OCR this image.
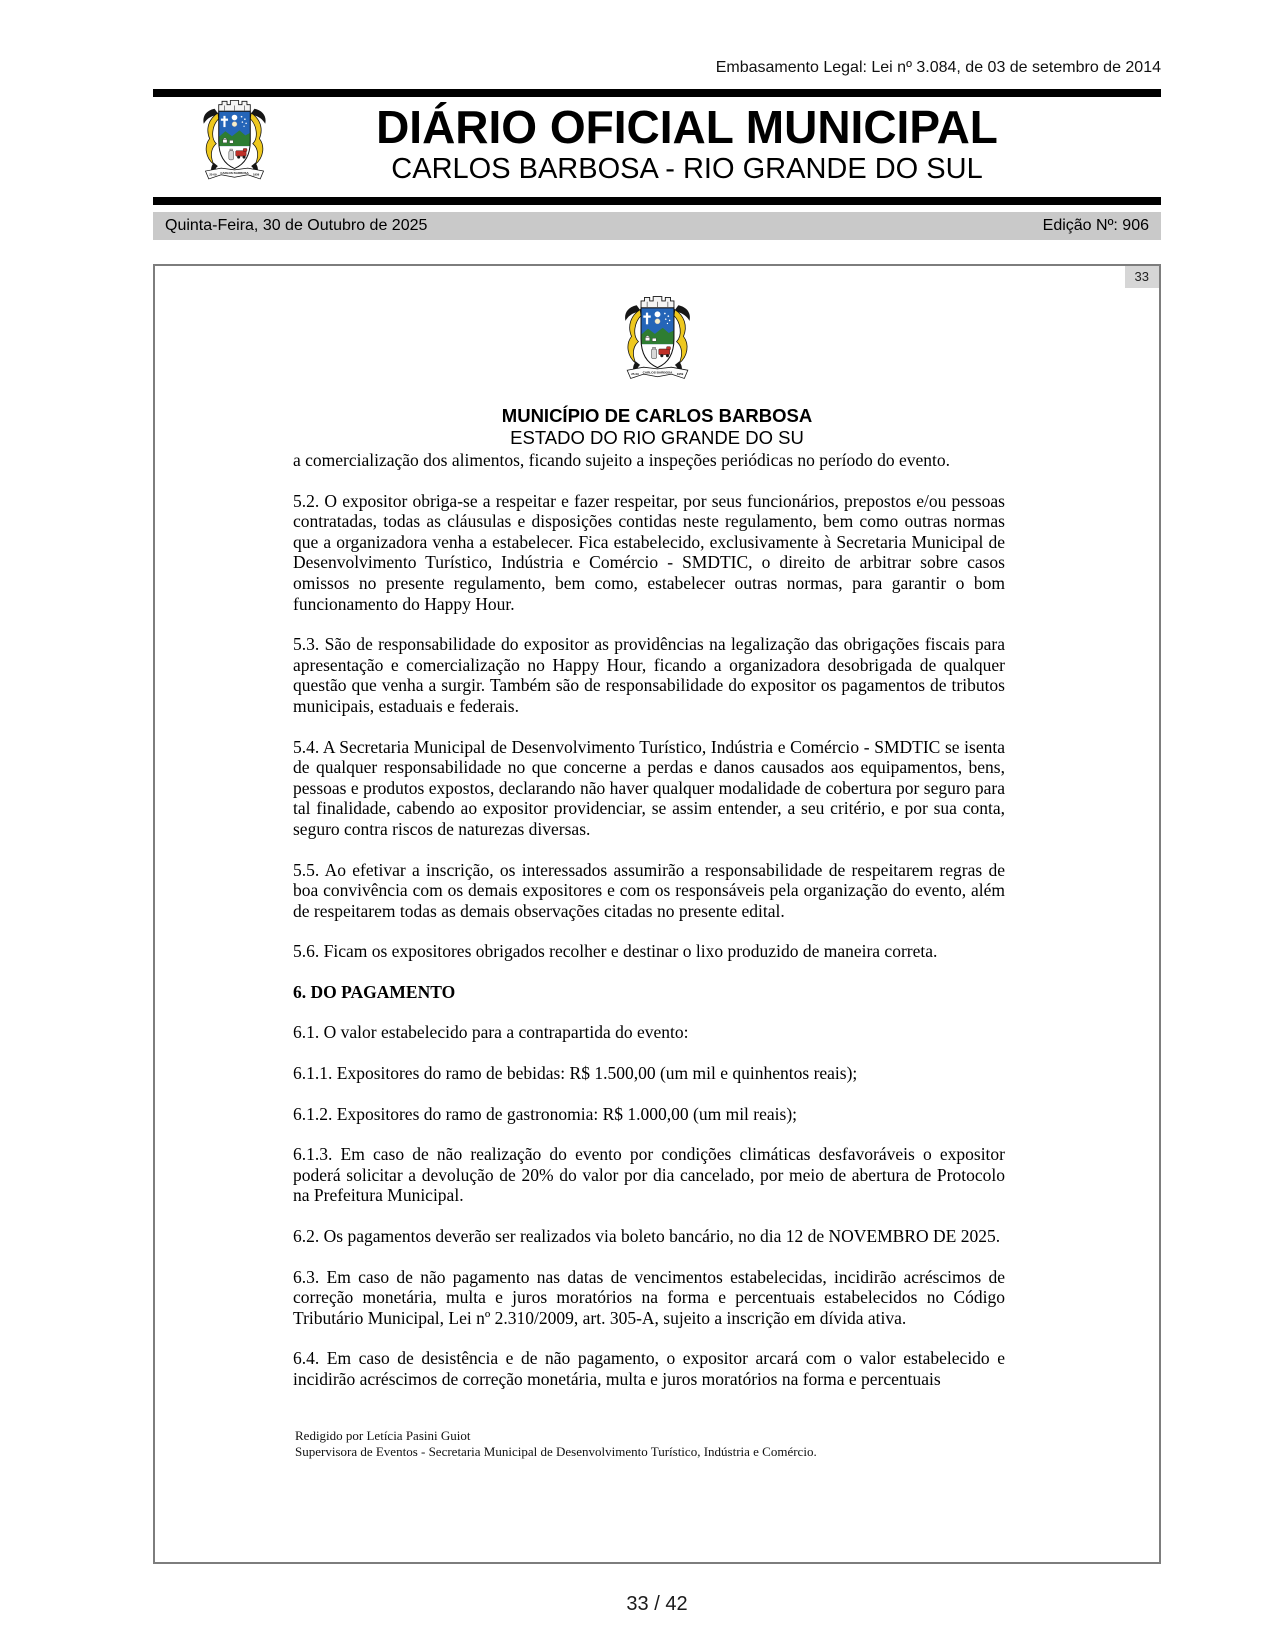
Embasamento Legal: Lei nº 3.084, de 03 de setembro de 2014
DIÁRIO OFICIAL MUNICIPAL
CARLOS BARBOSA - RIO GRANDE DO SUL
Quinta-Feira, 30 de Outubro de 2025	Edição Nº: 906
33
MUNICÍPIO DE CARLOS BARBOSA
ESTADO DO RIO GRANDE DO SU

a comercialização dos alimentos, ficando sujeito a inspeções periódicas no período do evento.

5.2. O expositor obriga-se a respeitar e fazer respeitar, por seus funcionários, prepostos e/ou pessoas contratadas, todas as cláusulas e disposições contidas neste regulamento, bem como outras normas que a organizadora venha a estabelecer. Fica estabelecido, exclusivamente à Secretaria Municipal de Desenvolvimento Turístico, Indústria e Comércio - SMDTIC, o direito de arbitrar sobre casos omissos no presente regulamento, bem como, estabelecer outras normas, para garantir o bom funcionamento do Happy Hour.

5.3. São de responsabilidade do expositor as providências na legalização das obrigações fiscais para apresentação e comercialização no Happy Hour, ficando a organizadora desobrigada de qualquer questão que venha a surgir. Também são de responsabilidade do expositor os pagamentos de tributos municipais, estaduais e federais.

5.4. A Secretaria Municipal de Desenvolvimento Turístico, Indústria e Comércio - SMDTIC se isenta de qualquer responsabilidade no que concerne a perdas e danos causados aos equipamentos, bens, pessoas e produtos expostos, declarando não haver qualquer modalidade de cobertura por seguro para tal finalidade, cabendo ao expositor providenciar, se assim entender, a seu critério, e por sua conta, seguro contra riscos de naturezas diversas.

5.5. Ao efetivar a inscrição, os interessados assumirão a responsabilidade de respeitarem regras de boa convivência com os demais expositores e com os responsáveis pela organização do evento, além de respeitarem todas as demais observações citadas no presente edital.

5.6. Ficam os expositores obrigados recolher e destinar o lixo produzido de maneira correta.

6. DO PAGAMENTO

6.1. O valor estabelecido para a contrapartida do evento:

6.1.1. Expositores do ramo de bebidas: R$ 1.500,00 (um mil e quinhentos reais);

6.1.2. Expositores do ramo de gastronomia: R$ 1.000,00 (um mil reais);

6.1.3. Em caso de não realização do evento por condições climáticas desfavoráveis o expositor poderá solicitar a devolução de 20% do valor por dia cancelado, por meio de abertura de Protocolo na Prefeitura Municipal.

6.2. Os pagamentos deverão ser realizados via boleto bancário, no dia 12 de NOVEMBRO DE 2025.

6.3. Em caso de não pagamento nas datas de vencimentos estabelecidas, incidirão acréscimos de correção monetária, multa e juros moratórios na forma e percentuais estabelecidos no Código Tributário Municipal, Lei nº 2.310/2009, art. 305-A, sujeito a inscrição em dívida ativa.

6.4. Em caso de desistência e de não pagamento, o expositor arcará com o valor estabelecido e incidirão acréscimos de correção monetária, multa e juros moratórios na forma e percentuais

Redigido por Letícia Pasini Guiot
Supervisora de Eventos - Secretaria Municipal de Desenvolvimento Turístico, Indústria e Comércio.
33 / 42
